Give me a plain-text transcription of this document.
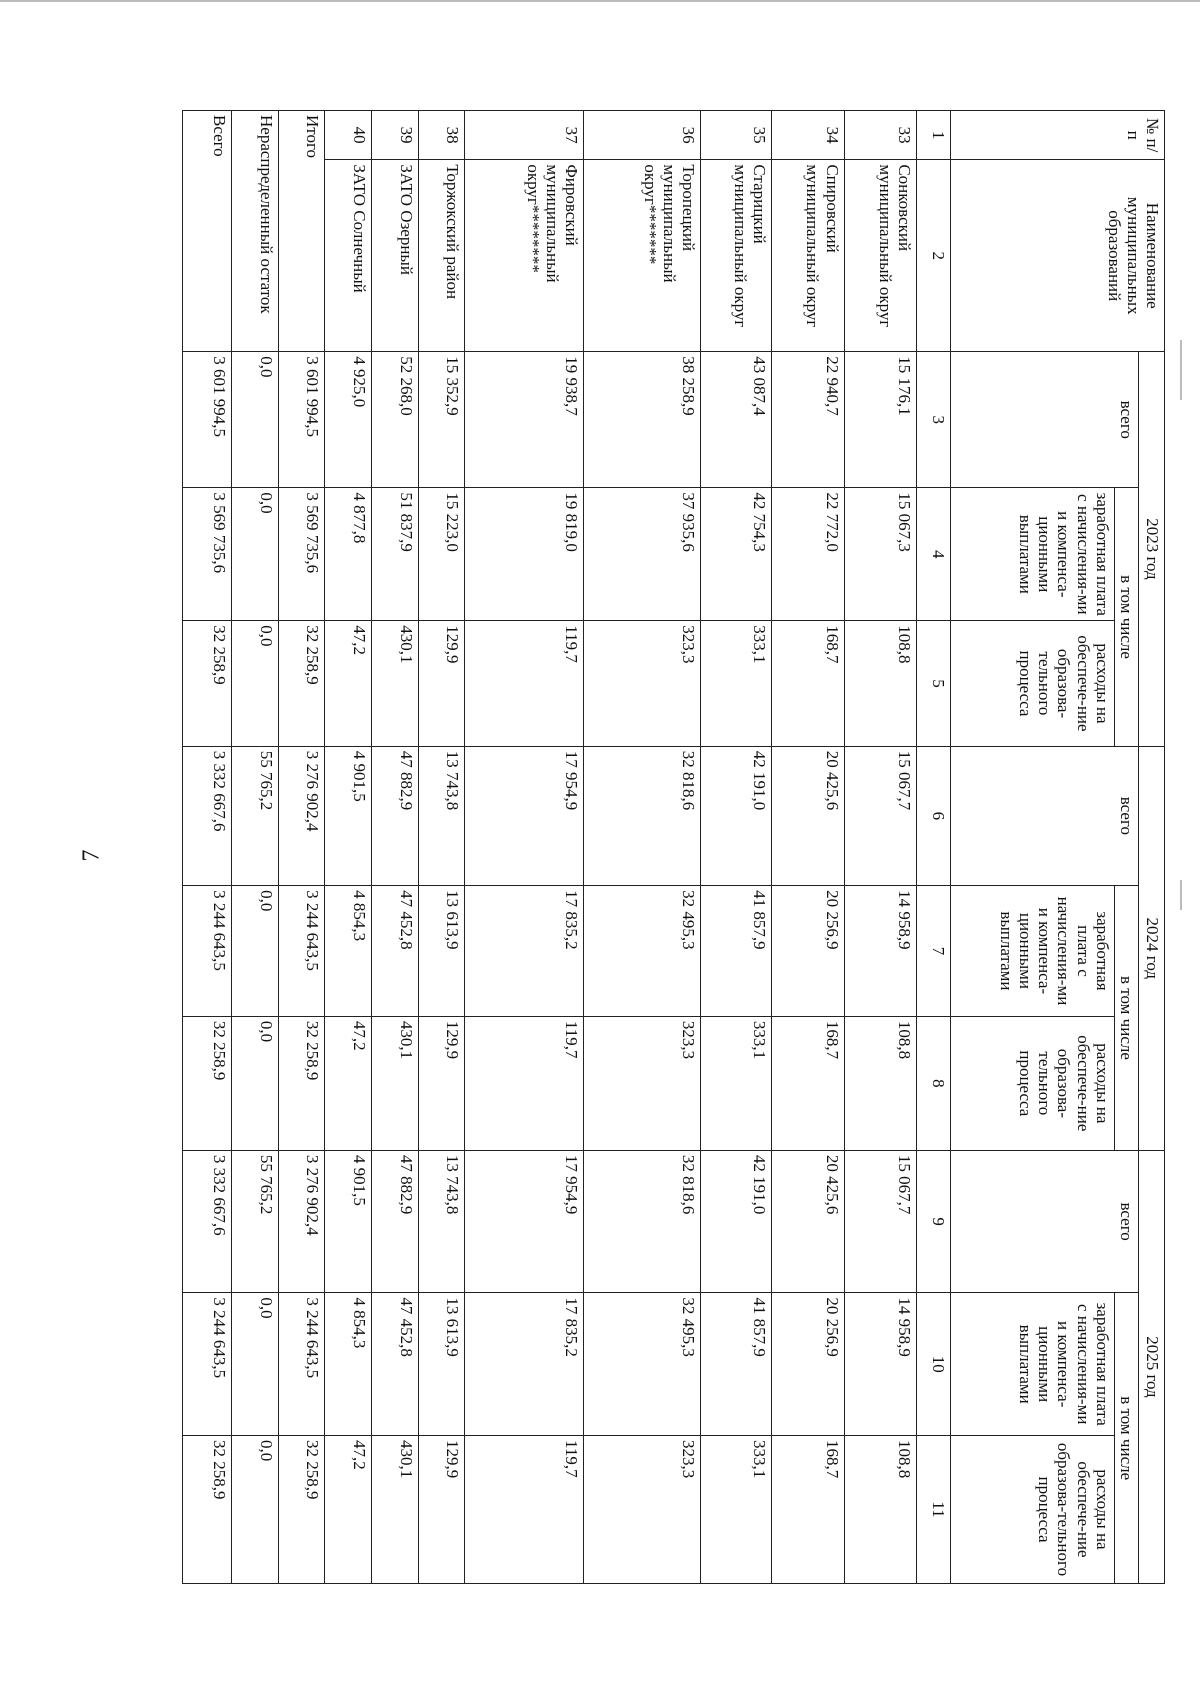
7
№ п/п	Наименование муниципальных образований	2023 год			2024 год			2025 год		
		всего	в том числе		всего	в том числе		всего	в том числе	
			заработная плата с начисления-ми и компенса-ционными выплатами	расходы на обеспече-ние образова-тельного процесса		заработная плата с начисления-ми и компенса-ционными выплатами	расходы на обеспече-ние образова-тельного процесса		заработная плата с начисления-ми и компенса-ционными выплатами	расходы на обеспече-ние образова-тельного процесса
1	2	3	4	5	6	7	8	9	10	11
33	Сонковский муниципальный округ	15 176,1	15 067,3	108,8	15 067,7	14 958,9	108,8	15 067,7	14 958,9	108,8
34	Спировский муниципальный округ	22 940,7	22 772,0	168,7	20 425,6	20 256,9	168,7	20 425,6	20 256,9	168,7
35	Старицкий муниципальный округ	43 087,4	42 754,3	333,1	42 191,0	41 857,9	333,1	42 191,0	41 857,9	333,1
36	Торопецкий муниципальный округ*******	38 258,9	37 935,6	323,3	32 818,6	32 495,3	323,3	32 818,6	32 495,3	323,3
37	Фировский муниципальный округ********	19 938,7	19 819,0	119,7	17 954,9	17 835,2	119,7	17 954,9	17 835,2	119,7
38	Торжокский район	15 352,9	15 223,0	129,9	13 743,8	13 613,9	129,9	13 743,8	13 613,9	129,9
39	ЗАТО Озерный	52 268,0	51 837,9	430,1	47 882,9	47 452,8	430,1	47 882,9	47 452,8	430,1
40	ЗАТО Солнечный	4 925,0	4 877,8	47,2	4 901,5	4 854,3	47,2	4 901,5	4 854,3	47,2
Итого		3 601 994,5	3 569 735,6	32 258,9	3 276 902,4	3 244 643,5	32 258,9	3 276 902,4	3 244 643,5	32 258,9
Нераспределенный остаток		0,0	0,0	0,0	55 765,2	0,0	0,0	55 765,2	0,0	0,0
Всего		3 601 994,5	3 569 735,6	32 258,9	3 332 667,6	3 244 643,5	32 258,9	3 332 667,6	3 244 643,5	32 258,9
